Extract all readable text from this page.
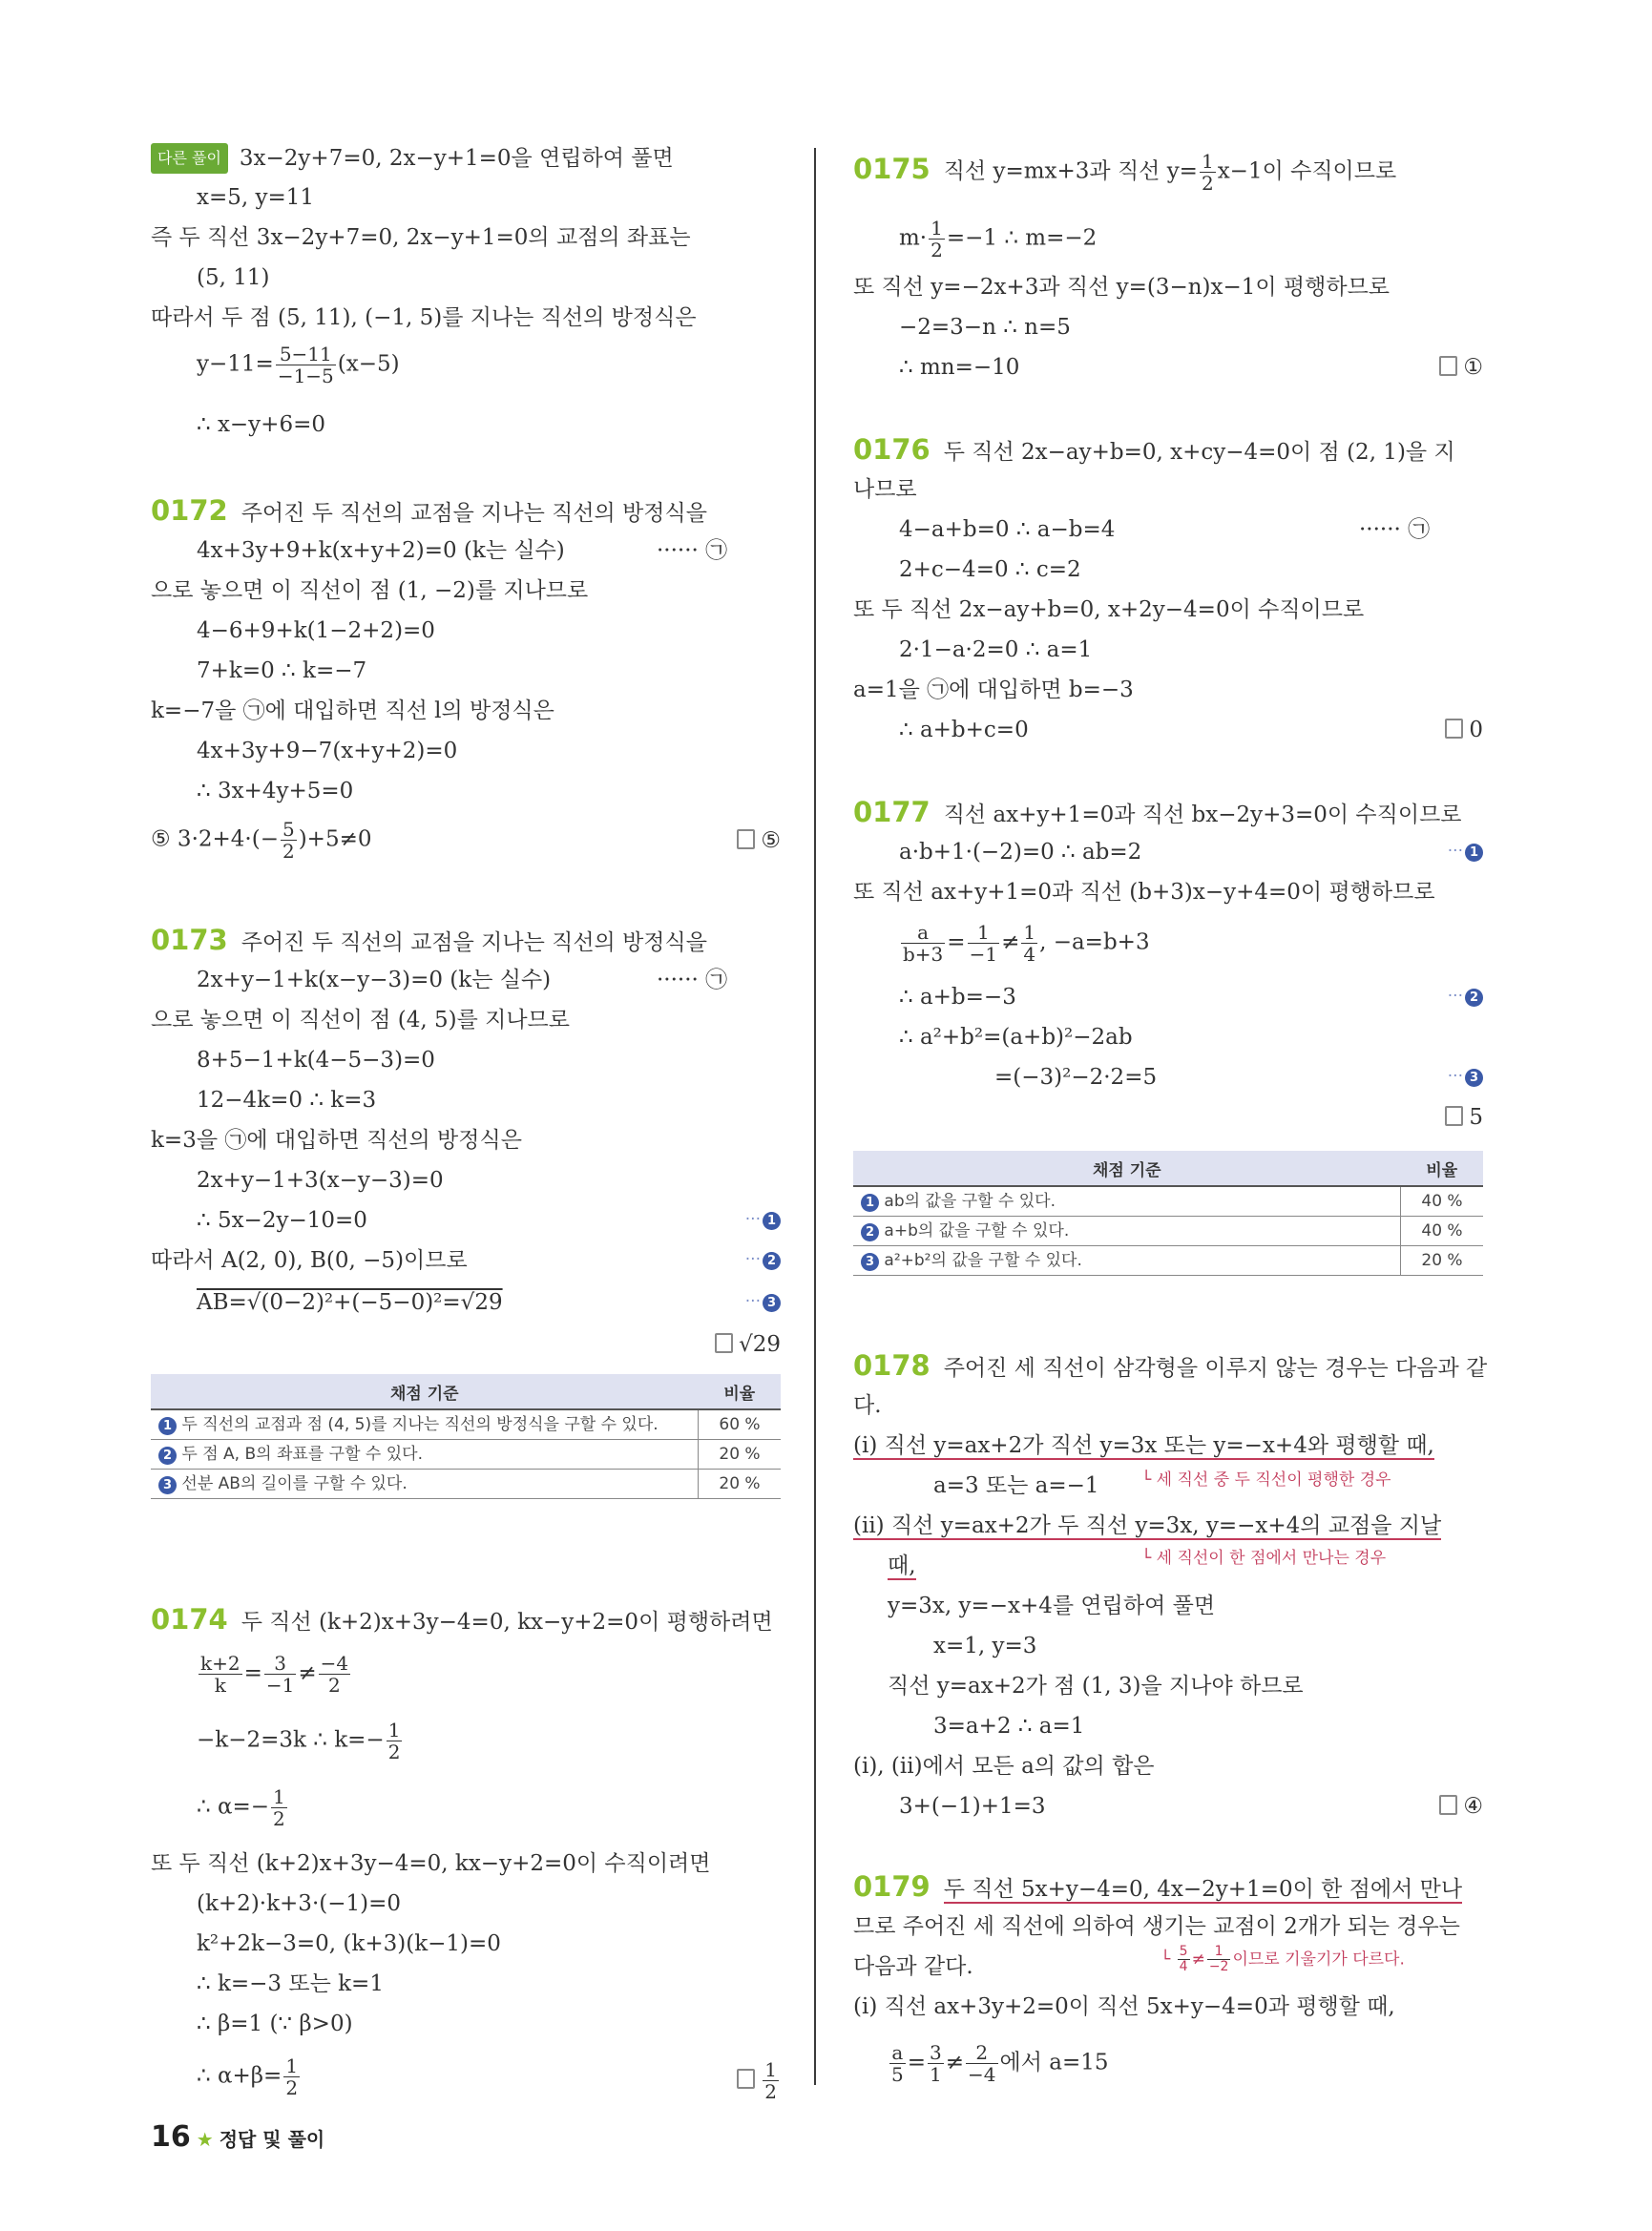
다른 풀이 3x−2y+7=0, 2x−y+1=0을 연립하여 풀면
x=5, y=11
즉 두 직선 3x−2y+7=0, 2x−y+1=0의 교점의 좌표는
(5, 11)
따라서 두 점 (5, 11), (−1, 5)를 지나는 직선의 방정식은
$y-11= \frac{5-11}{-1-5} (x-5)$
∴ x−y+6=0
0172 주어진 두 직선의 교점을 지나는 직선의 방정식을
4x+3y+9+k(x+y+2)=0 (k는 실수)	······ ㉠
으로 놓으면 이 직선이 점 (1, −2)를 지나므로
4−6+9+k(1−2+2)=0
7+k=0 ∴ k=−7
k=−7을 ㉠에 대입하면 직선 l의 방정식은
4x+3y+9−7(x+y+2)=0
∴ 3x+4y+5=0
⑤ $3\cdot 2+4\cdot(- \frac{5}{2} )+5\ne 0$	⑤
0173 주어진 두 직선의 교점을 지나는 직선의 방정식을
2x+y−1+k(x−y−3)=0 (k는 실수)	······ ㉠
으로 놓으면 이 직선이 점 (4, 5)를 지나므로
8+5−1+k(4−5−3)=0
12−4k=0 ∴ k=3
k=3을 ㉠에 대입하면 직선의 방정식은
2x+y−1+3(x−y−3)=0
∴ 5x−2y−10=0	··· 1
따라서 A(2, 0), B(0, −5)이므로	··· 2
AB=√(0−2)²+(−5−0)²=√29	··· 3
√29
채점 기준	비율
1 두 직선의 교점과 점 (4, 5)를 지나는 직선의 방정식을 구할 수 있다.	60 %
2 두 점 A, B의 좌표를 구할 수 있다.	20 %
3 선분 AB의 길이를 구할 수 있다.	20 %
0174 두 직선 (k+2)x+3y−4=0, kx−y+2=0이 평행하려면
$\frac{k+2}{k} = \frac{3}{-1} \ne \frac{-4}{2}$
−k−2=3k ∴ $k=- \frac{1}{2}$
∴ $\alpha=- \frac{1}{2}$
또 두 직선 (k+2)x+3y−4=0, kx−y+2=0이 수직이려면
(k+2)·k+3·(−1)=0
k²+2k−3=0, (k+3)(k−1)=0
∴ k=−3 또는 k=1
∴ β=1 (∵ β>0)
∴ $\alpha+\beta= \frac{1}{2}$	$\frac{1}{2}$
0175 직선 y=mx+3과 직선 $y= \frac{1}{2} x-1$이 수직이므로
$m\cdot \frac{1}{2} =-1$ ∴ m=−2
또 직선 y=−2x+3과 직선 y=(3−n)x−1이 평행하므로
−2=3−n ∴ n=5
∴ mn=−10	①
0176 두 직선 2x−ay+b=0, x+cy−4=0이 점 (2, 1)을 지
나므로
4−a+b=0 ∴ a−b=4	······ ㉠
2+c−4=0 ∴ c=2
또 두 직선 2x−ay+b=0, x+2y−4=0이 수직이므로
2·1−a·2=0 ∴ a=1
a=1을 ㉠에 대입하면 b=−3
∴ a+b+c=0	0
0177 직선 ax+y+1=0과 직선 bx−2y+3=0이 수직이므로
a·b+1·(−2)=0 ∴ ab=2	··· 1
또 직선 ax+y+1=0과 직선 (b+3)x−y+4=0이 평행하므로
$\frac{a}{b+3} = \frac{1}{-1} \ne \frac{1}{4}$ , −a=b+3
∴ a+b=−3	··· 2
∴ a²+b²=(a+b)²−2ab
=(−3)²−2·2=5	··· 3
5
채점 기준	비율
1 ab의 값을 구할 수 있다.	40 %
2 a+b의 값을 구할 수 있다.	40 %
3 a²+b²의 값을 구할 수 있다.	20 %
0178 주어진 세 직선이 삼각형을 이루지 않는 경우는 다음과 같
다.
(i) 직선 y=ax+2가 직선 y=3x 또는 y=−x+4와 평행할 때,
a=3 또는 a=−1	└ 세 직선 중 두 직선이 평행한 경우
(ii) 직선 y=ax+2가 두 직선 y=3x, y=−x+4의 교점을 지날
때,	└ 세 직선이 한 점에서 만나는 경우
y=3x, y=−x+4를 연립하여 풀면
x=1, y=3
직선 y=ax+2가 점 (1, 3)을 지나야 하므로
3=a+2 ∴ a=1
(i), (ii)에서 모든 a의 값의 합은
3+(−1)+1=3	④
0179 두 직선 5x+y−4=0, 4x−2y+1=0이 한 점에서 만나
므로 주어진 세 직선에 의하여 생기는 교점이 2개가 되는 경우는
다음과 같다.	└ $\frac{5}{4} \ne \frac{1}{-2}$ 이므로 기울기가 다르다.
(i) 직선 ax+3y+2=0이 직선 5x+y−4=0과 평행할 때,
$\frac{a}{5} = \frac{3}{1} \ne \frac{2}{-4}$ 에서 a=15
16 ★ 정답 및 풀이
